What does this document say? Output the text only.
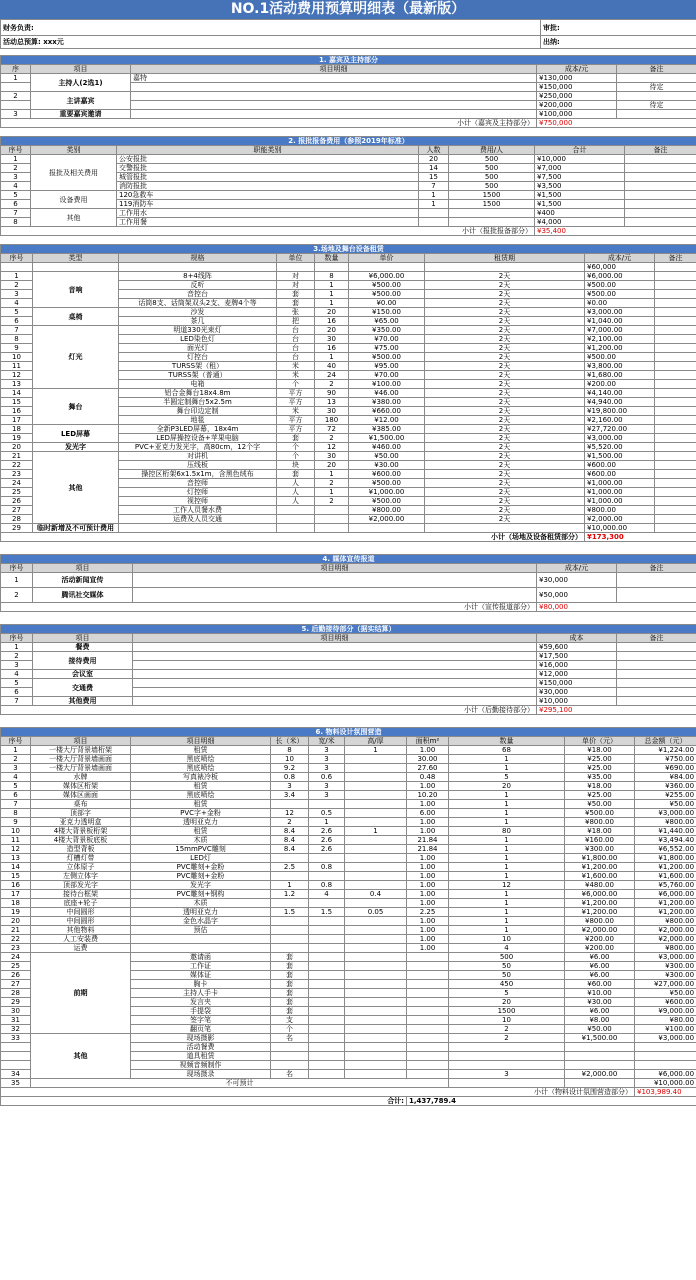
NO.1活动费用预算明细表（最新版）
财务负责:	审批:
活动总预算: xxx元	出纳:
1. 嘉宾及主持部分				
序	项目	项目明细	成本/元	备注
1	主持人(2选1)	嘉特	¥130,000	
			¥150,000	待定
2	主讲嘉宾		¥250,000	
			¥200,000	待定
3	重要嘉宾邀请		¥100,000	
小计（嘉宾及主持部分）			¥750,000	
2. 报批报备费用（参照2019年标准）						
序号	类别	职能类别	人数	费用/人	合计	备注
1	报批及相关费用	公安报批	20	500	¥10,000	
2		交警报批	14	500	¥7,000	
3		城管报批	15	500	¥7,500	
4		消防报批	7	500	¥3,500	
5	设备费用	120急救车	1	1500	¥1,500	
6		119消防车	1	1500	¥1,500	
7	其他	工作用水			¥400	
8		工作用餐			¥4,000	
小计（报批报备部分）					¥35,400	
3.场地及舞台设备租赁								
序号	类型	规格	单位	数量	单价	租赁期	成本/元	备注
							¥60,000	
1	音响	8+4线阵	对	8	¥6,000.00	2天	¥6,000.00	
2		反听	对	1	¥500.00	2天	¥500.00	
3		音控台	套	1	¥500.00	2天	¥500.00	
4		话筒8支、话筒架双头2支、麦牌4个等	套	1	¥0.00	2天	¥0.00	
5	桌椅	沙发	张	20	¥150.00	2天	¥3,000.00	
6		茶几	把	16	¥65.00	2天	¥1,040.00	
7	灯光	明道330光束灯	台	20	¥350.00	2天	¥7,000.00	
8		LED染色灯	台	30	¥70.00	2天	¥2,100.00	
9		面光灯	台	16	¥75.00	2天	¥1,200.00	
10		灯控台	台	1	¥500.00	2天	¥500.00	
11		TURSS架（租）	米	40	¥95.00	2天	¥3,800.00	
12		TURSS架（普通）	米	24	¥70.00	2天	¥1,680.00	
13		电箱	个	2	¥100.00	2天	¥200.00	
14	舞台	铝合金舞台18x4.8m	平方	90	¥46.00	2天	¥4,140.00	
15		半圆定制舞台5x2.5m	平方	13	¥380.00	2天	¥4,940.00	
16		舞台印边定制	米	30	¥660.00	2天	¥19,800.00	
17		地毯	平方	180	¥12.00	2天	¥2,160.00	
18	LED屏幕	全新P3LED屏幕，18x4m	平方	72	¥385.00	2天	¥27,720.00	
19		LED屏操控设备+苹果电脑	套	2	¥1,500.00	2天	¥3,000.00	
20	发光字	PVC+亚克力发光字，高80cm，12个字	个	12	¥460.00	2天	¥5,520.00	
21	其他	对讲机	个	30	¥50.00	2天	¥1,500.00	
22		压线板	块	20	¥30.00	2天	¥600.00	
23		操控区桁架6x1.5x1m，含黑色绒布	套	1	¥600.00	2天	¥600.00	
24		音控师	人	2	¥500.00	2天	¥1,000.00	
25		灯控师	人	1	¥1,000.00	2天	¥1,000.00	
26		视控师	人	2	¥500.00	2天	¥1,000.00	
27		工作人员餐水费			¥800.00	2天	¥800.00	
28		运费及人员交通			¥2,000.00	2天	¥2,000.00	
29	临时新增及不可预计费用						¥10,000.00	
小计（场地及设备租赁部分）							¥173,300	
4. 媒体宣传报道				
序号	项目	项目明细	成本/元	备注
1	活动新闻宣传		¥30,000	
2	腾讯社交媒体		¥50,000	
小计（宣传报道部分）			¥80,000	
5. 后勤接待部分（据实结算）				
序号	项目	项目明细	成本	备注
1	餐费		¥59,600	
2	接待费用		¥17,500	
3			¥16,000	
4	会议室		¥12,000	
5	交通费		¥150,000	
6			¥30,000	
7	其他费用		¥10,000	
小计（后勤接待部分）			¥295,100	
6. 物料设计氛围营造									
序号	项目	项目明细	长（米）	宽/米	高/厚	面积m²	数量	单价（元）	总金额（元）
1	一楼大厅背景墙桁架	租赁	8	3	1	1.00	68	¥18.00	¥1,224.00
2	一楼大厅背景墙画面	黑底喷绘	10	3		30.00	1	¥25.00	¥750.00
3	一楼大厅背景墙画面	黑底喷绘	9.2	3		27.60	1	¥25.00	¥690.00
4	水牌	写真裱冷板	0.8	0.6		0.48	5	¥35.00	¥84.00
5	媒体区桁架	租赁	3	3		1.00	20	¥18.00	¥360.00
6	媒体区画面	黑底喷绘	3.4	3		10.20	1	¥25.00	¥255.00
7	桌布	租赁				1.00	1	¥50.00	¥50.00
8	顶部字	PVC字+金粉	12	0.5		6.00	1	¥500.00	¥3,000.00
9	亚克力透明盒	透明亚克力	2	1		1.00	1	¥800.00	¥800.00
10	4楼大背景板桁架	租赁	8.4	2.6	1	1.00	80	¥18.00	¥1,440.00
11	4楼大背景板底板	木质	8.4	2.6		21.84	1	¥160.00	¥3,494.40
12	造型背板	15mmPVC雕刻	8.4	2.6		21.84	1	¥300.00	¥6,552.00
13	灯槽灯带	LED灯				1.00	1	¥1,800.00	¥1,800.00
14	立体原子	PVC雕刻+金粉	2.5	0.8		1.00	1	¥1,200.00	¥1,200.00
15	左侧立体字	PVC雕刻+金粉				1.00	1	¥1,600.00	¥1,600.00
16	顶部发光字	发光字	1	0.8		1.00	12	¥480.00	¥5,760.00
17	接待台框架	PVC雕刻+钢构	1.2	4	0.4	1.00	1	¥6,000.00	¥6,000.00
18	底座+轮子	木质				1.00	1	¥1,200.00	¥1,200.00
19	中间圆形	透明亚克力	1.5	1.5	0.05	2.25	1	¥1,200.00	¥1,200.00
20	中间圆形	金色水晶字				1.00	1	¥800.00	¥800.00
21	其他物料	预估				1.00	1	¥2,000.00	¥2,000.00
22	人工安装费					1.00	10	¥200.00	¥2,000.00
23	运费					1.00	4	¥200.00	¥800.00
24	前期	邀请函	套				500	¥6.00	¥3,000.00
25		工作证	套				50	¥6.00	¥300.00
26		媒体证	套				50	¥6.00	¥300.00
27		胸卡	套				450	¥60.00	¥27,000.00
28		主持人手卡	套				5	¥10.00	¥50.00
29		发言夹	套				20	¥30.00	¥600.00
30		手提袋	套				1500	¥6.00	¥9,000.00
31		签字笔	支				10	¥8.00	¥80.00
32		翻页笔	个				2	¥50.00	¥100.00
33	其他	现场摄影	名				2	¥1,500.00	¥3,000.00
		活动餐费							
		道具租赁							
		视频音频制作							
34		现场摄录	名				3	¥2,000.00	¥6,000.00
35	不可预计								¥10,000.00
小计（物料设计氛围营造部分）									¥103,989.40
合计:						1,437,789.4			
